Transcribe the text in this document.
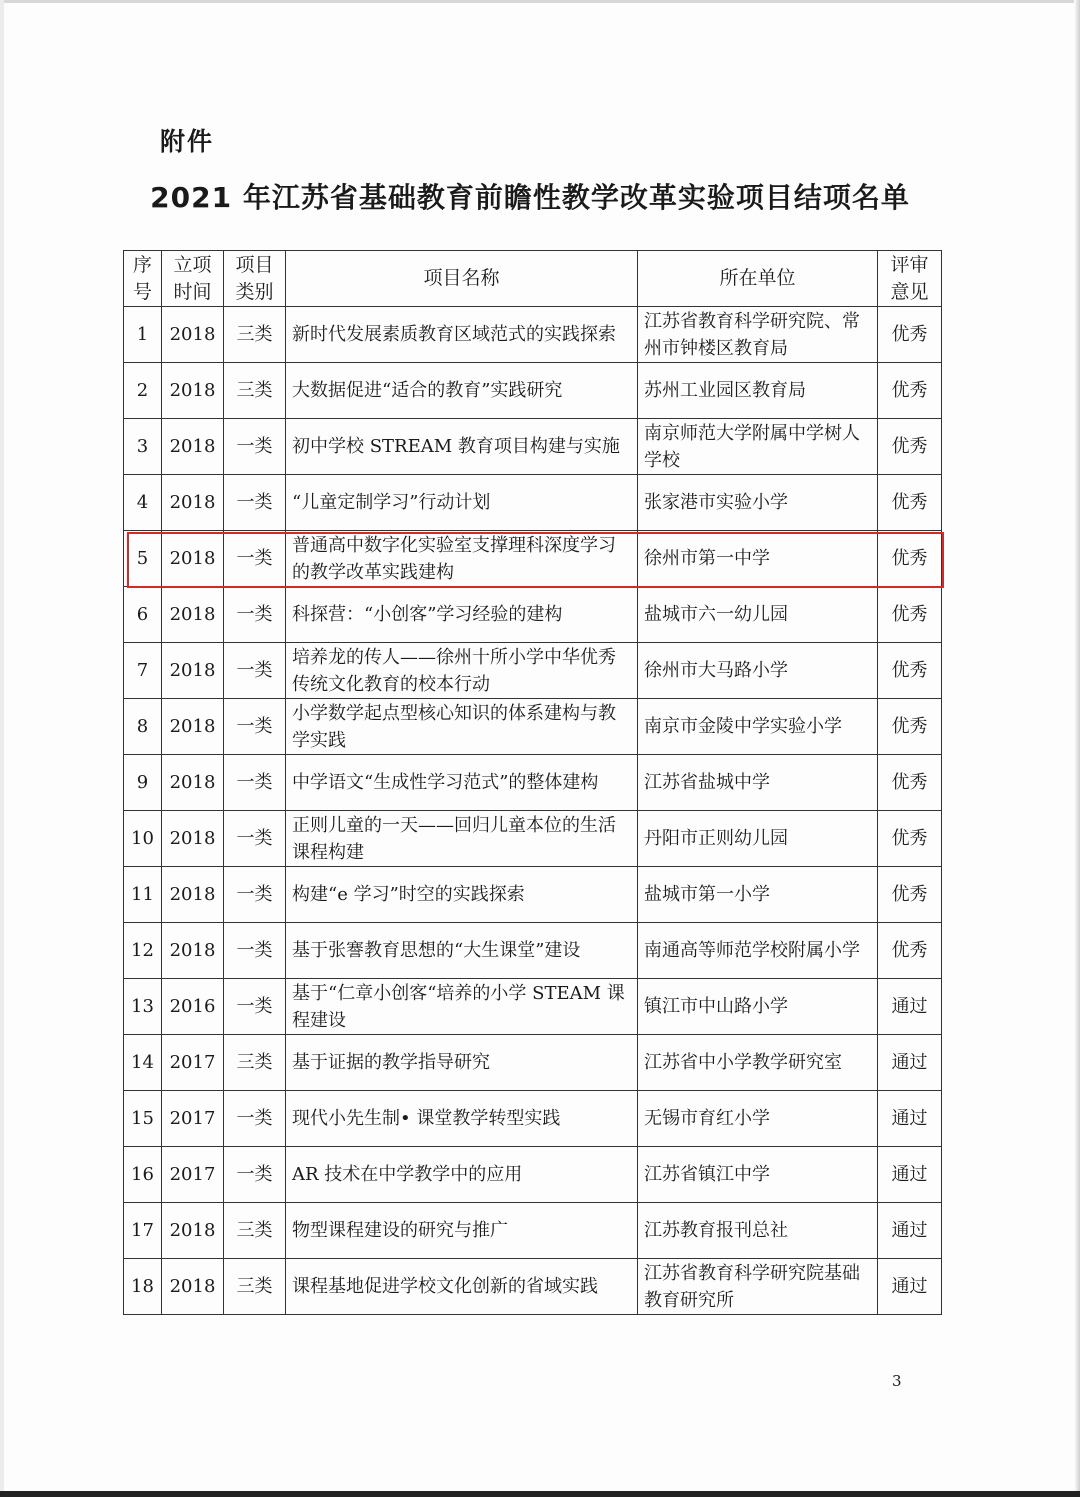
附件
2021 年江苏省基础教育前瞻性教学改革实验项目结项名单
序号	立项时间	项目类别	项目名称	所在单位	评审意见
1	2018	三类	新时代发展素质教育区域范式的实践探索	江苏省教育科学研究院、常州市钟楼区教育局	优秀
2	2018	三类	大数据促进“适合的教育”实践研究	苏州工业园区教育局	优秀
3	2018	一类	初中学校 STREAM 教育项目构建与实施	南京师范大学附属中学树人学校	优秀
4	2018	一类	“儿童定制学习”行动计划	张家港市实验小学	优秀
5	2018	一类	普通高中数字化实验室支撑理科深度学习的教学改革实践建构	徐州市第一中学	优秀
6	2018	一类	科探营：“小创客”学习经验的建构	盐城市六一幼儿园	优秀
7	2018	一类	培养龙的传人——徐州十所小学中华优秀传统文化教育的校本行动	徐州市大马路小学	优秀
8	2018	一类	小学数学起点型核心知识的体系建构与教学实践	南京市金陵中学实验小学	优秀
9	2018	一类	中学语文“生成性学习范式”的整体建构	江苏省盐城中学	优秀
10	2018	一类	正则儿童的一天——回归儿童本位的生活课程构建	丹阳市正则幼儿园	优秀
11	2018	一类	构建“e 学习”时空的实践探索	盐城市第一小学	优秀
12	2018	一类	基于张謇教育思想的“大生课堂”建设	南通高等师范学校附属小学	优秀
13	2016	一类	基于“仁章小创客“培养的小学 STEAM 课程建设	镇江市中山路小学	通过
14	2017	三类	基于证据的教学指导研究	江苏省中小学教学研究室	通过
15	2017	一类	现代小先生制• 课堂教学转型实践	无锡市育红小学	通过
16	2017	一类	AR 技术在中学教学中的应用	江苏省镇江中学	通过
17	2018	三类	物型课程建设的研究与推广	江苏教育报刊总社	通过
18	2018	三类	课程基地促进学校文化创新的省域实践	江苏省教育科学研究院基础教育研究所	通过
3
